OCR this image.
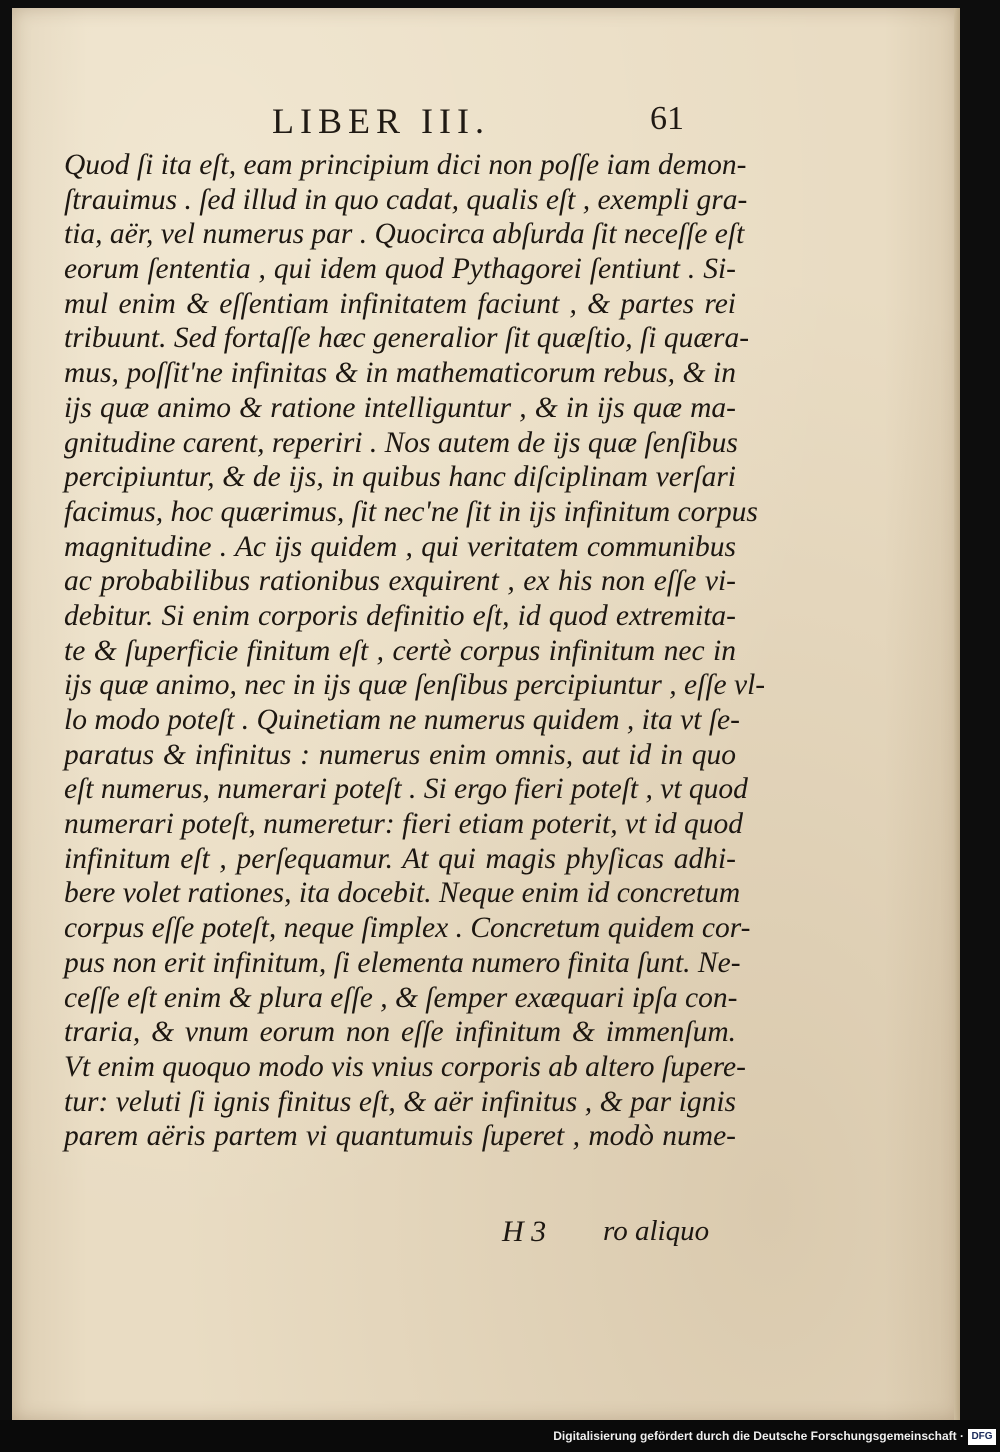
LIBER III.	61
Quod ſi ita eſt, eam principium dici non poſſe iam demon-
ſtrauimus . ſed illud in quo cadat, qualis eſt , exempli gra-
tia, aër, vel numerus par . Quocirca abſurda ſit neceſſe eſt
eorum ſententia , qui idem quod Pythagorei ſentiunt . Si-
mul enim & eſſentiam infinitatem faciunt , & partes rei
tribuunt. Sed fortaſſe hæc generalior ſit quæſtio, ſi quæra-
mus, poſſit'ne infinitas & in mathematicorum rebus, & in
ijs quæ animo & ratione intelliguntur , & in ijs quæ ma-
gnitudine carent, reperiri . Nos autem de ijs quæ ſenſibus
percipiuntur, & de ijs, in quibus hanc diſciplinam verſari
facimus, hoc quærimus, ſit nec'ne ſit in ijs infinitum corpus
magnitudine . Ac ijs quidem , qui veritatem communibus
ac probabilibus rationibus exquirent , ex his non eſſe vi-
debitur. Si enim corporis definitio eſt, id quod extremita-
te & ſuperficie finitum eſt , certè corpus infinitum nec in
ijs quæ animo, nec in ijs quæ ſenſibus percipiuntur , eſſe vl-
lo modo poteſt . Quinetiam ne numerus quidem , ita vt ſe-
paratus & infinitus : numerus enim omnis, aut id in quo
eſt numerus, numerari poteſt . Si ergo fieri poteſt , vt quod
numerari poteſt, numeretur: fieri etiam poterit, vt id quod
infinitum eſt , perſequamur. At qui magis phyſicas adhi-
bere volet rationes, ita docebit. Neque enim id concretum
corpus eſſe poteſt, neque ſimplex . Concretum quidem cor-
pus non erit infinitum, ſi elementa numero finita ſunt. Ne-
ceſſe eſt enim & plura eſſe , & ſemper exæquari ipſa con-
traria, & vnum eorum non eſſe infinitum & immenſum.
Vt enim quoquo modo vis vnius corporis ab altero ſupere-
tur: veluti ſi ignis finitus eſt, & aër infinitus , & par ignis
parem aëris partem vi quantumuis ſuperet , modò nume-
H 3 ro aliquo
Digitalisierung gefördert durch die Deutsche Forschungsgemeinschaft · DFG
